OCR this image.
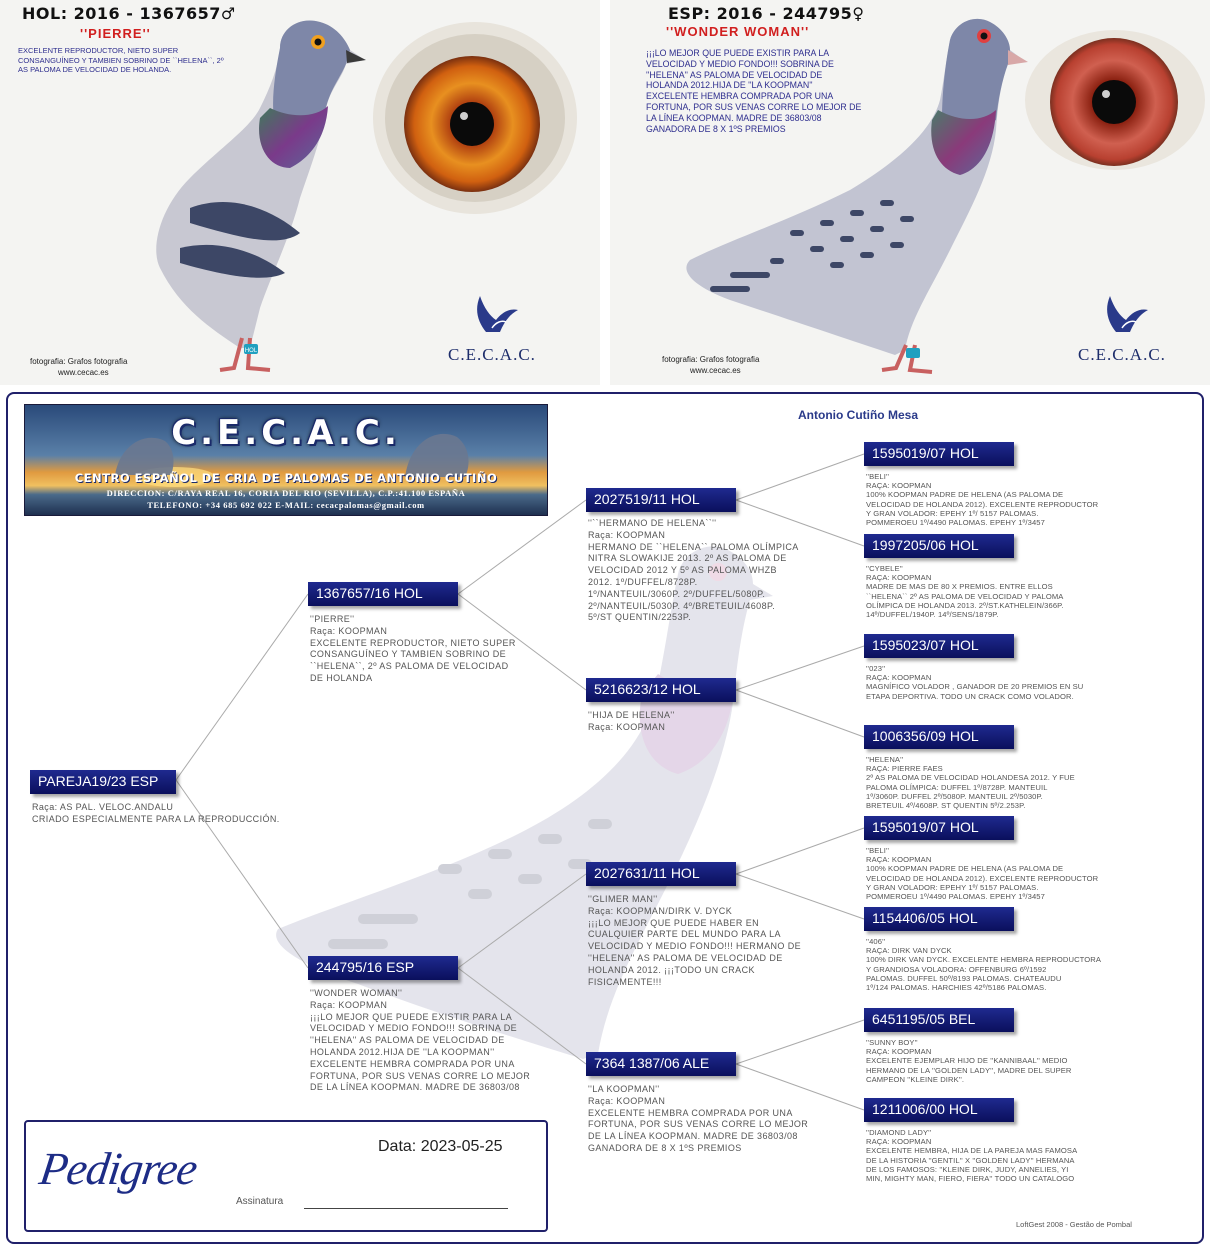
HOL: 2016 - 1367657♂
''PIERRE''
EXCELENTE REPRODUCTOR, NIETO SUPER
CONSANGUÍNEO Y TAMBIEN SOBRINO DE ``HELENA``, 2º
AS PALOMA DE VELOCIDAD DE HOLANDA.
HOL	C.E.C.A.C.
fotografia: Grafos fotografia
www.cecac.es
ESP: 2016 - 244795♀
''WONDER WOMAN''
¡¡¡LO MEJOR QUE PUEDE EXISTIR PARA LA
VELOCIDAD Y MEDIO FONDO!!! SOBRINA DE
''HELENA'' AS PALOMA DE VELOCIDAD DE
HOLANDA 2012.HIJA DE ''LA KOOPMAN''
EXCELENTE HEMBRA COMPRADA POR UNA
FORTUNA, POR SUS VENAS CORRE LO MEJOR DE
LA LÍNEA KOOPMAN. MADRE DE 36803/08
GANADORA DE 8 X 1ºS PREMIOS
C.E.C.A.C.
fotografia: Grafos fotografia
www.cecac.es
C.E.C.A.C.
CENTRO ESPAÑOL DE CRIA DE PALOMAS DE ANTONIO CUTIÑO
DIRECCION: C/RAYA REAL 16, CORIA DEL RIO (SEVILLA), C.P.:41.100 ESPAÑA
TELEFONO: +34 685 692 022 E-MAIL: cecacpalomas@gmail.com
Antonio Cutiño Mesa
PAREJA19/23 ESP
Raça: AS PAL. VELOC.ANDALU
CRIADO ESPECIALMENTE PARA LA REPRODUCCIÓN.
1367657/16 HOL
''PIERRE''
Raça: KOOPMAN
EXCELENTE REPRODUCTOR, NIETO SUPER
CONSANGUÍNEO Y TAMBIEN SOBRINO DE
``HELENA``, 2º AS PALOMA DE VELOCIDAD
DE HOLANDA
244795/16 ESP
''WONDER WOMAN''
Raça: KOOPMAN
¡¡¡LO MEJOR QUE PUEDE EXISTIR PARA LA
VELOCIDAD Y MEDIO FONDO!!! SOBRINA DE
''HELENA'' AS PALOMA DE VELOCIDAD DE
HOLANDA 2012.HIJA DE ''LA KOOPMAN''
EXCELENTE HEMBRA COMPRADA POR UNA
FORTUNA, POR SUS VENAS CORRE LO MEJOR
DE LA LÍNEA KOOPMAN. MADRE DE 36803/08
2027519/11 HOL
''``HERMANO DE HELENA``''
Raça: KOOPMAN
HERMANO DE ``HELENA`` PALOMA OLÍMPICA
NITRA SLOWAKIJE 2013. 2º AS PALOMA DE
VELOCIDAD 2012 Y 5º AS PALOMA WHZB
2012. 1º/DUFFEL/8728P.
1º/NANTEUIL/3060P. 2º/DUFFEL/5080P.
2º/NANTEUIL/5030P. 4º/BRETEUIL/4608P.
5º/ST QUENTIN/2253P.
5216623/12 HOL
''HIJA DE HELENA''
Raça: KOOPMAN
2027631/11 HOL
''GLIMER MAN''
Raça: KOOPMAN/DIRK V. DYCK
¡¡¡LO MEJOR QUE PUEDE HABER EN
CUALQUIER PARTE DEL MUNDO PARA LA
VELOCIDAD Y MEDIO FONDO!!! HERMANO DE
''HELENA'' AS PALOMA DE VELOCIDAD DE
HOLANDA 2012. ¡¡¡TODO UN CRACK
FISICAMENTE!!!
7364 1387/06 ALE
''LA KOOPMAN''
Raça: KOOPMAN
EXCELENTE HEMBRA COMPRADA POR UNA
FORTUNA, POR SUS VENAS CORRE LO MEJOR
DE LA LÍNEA KOOPMAN. MADRE DE 36803/08
GANADORA DE 8 X 1ºS PREMIOS
1595019/07 HOL
''BELI''
RAÇA: KOOPMAN
100% KOOPMAN PADRE DE HELENA (AS PALOMA DE
VELOCIDAD DE HOLANDA 2012). EXCELENTE REPRODUCTOR
Y GRAN VOLADOR: EPEHY 1º/ 5157 PALOMAS.
POMMEROEU 1º/4490 PALOMAS. EPEHY 1º/3457
1997205/06 HOL
''CYBELE''
RAÇA: KOOPMAN
MADRE DE MAS DE 80 X PREMIOS. ENTRE ELLOS
``HELENA`` 2º AS PALOMA DE VELOCIDAD Y PALOMA
OLÍMPICA DE HOLANDA 2013. 2º/ST.KATHELEIN/366P.
14º/DUFFEL/1940P. 14º/SENS/1879P.
1595023/07 HOL
''023''
RAÇA: KOOPMAN
MAGNÍFICO VOLADOR , GANADOR DE 20 PREMIOS EN SU
ETAPA DEPORTIVA. TODO UN CRACK COMO VOLADOR.
1006356/09 HOL
''HELENA''
RAÇA: PIERRE FAES
2º AS PALOMA DE VELOCIDAD HOLANDESA 2012. Y FUE
PALOMA OLÍMPICA: DUFFEL 1º/8728P. MANTEUIL
1º/3060P. DUFFEL 2º/5080P. MANTEUIL 2º/5030P.
BRETEUIL 4º/4608P. ST QUENTIN 5º/2.253P.
1595019/07 HOL
''BELI''
RAÇA: KOOPMAN
100% KOOPMAN PADRE DE HELENA (AS PALOMA DE
VELOCIDAD DE HOLANDA 2012). EXCELENTE REPRODUCTOR
Y GRAN VOLADOR: EPEHY 1º/ 5157 PALOMAS.
POMMEROEU 1º/4490 PALOMAS. EPEHY 1º/3457
1154406/05 HOL
''406''
RAÇA: DIRK VAN DYCK
100% DIRK VAN DYCK. EXCELENTE HEMBRA REPRODUCTORA
Y GRANDIOSA VOLADORA: OFFENBURG 6º/1592
PALOMAS. DUFFEL 50º/8193 PALOMAS. CHATEAUDU
1º/124 PALOMAS. HARCHIES 42º/5186 PALOMAS.
6451195/05 BEL
''SUNNY BOY''
RAÇA: KOOPMAN
EXCELENTE EJEMPLAR HIJO DE ''KANNIBAAL'' MEDIO
HERMANO DE LA ''GOLDEN LADY'', MADRE DEL SUPER
CAMPEON ''KLEINE DIRK''.
1211006/00 HOL
''DIAMOND LADY''
RAÇA: KOOPMAN
EXCELENTE HEMBRA, HIJA DE LA PAREJA MAS FAMOSA
DE LA HISTORIA ''GENTIL'' X ''GOLDEN LADY'' HERMANA
DE LOS FAMOSOS: ''KLEINE DIRK, JUDY, ANNELIES, YI
MIN, MIGHTY MAN, FIERO, FIERA'' TODO UN CATALOGO
Pedigree	Data: 2023-05-25
Assinatura
LoftGest 2008 - Gestão de Pombal
